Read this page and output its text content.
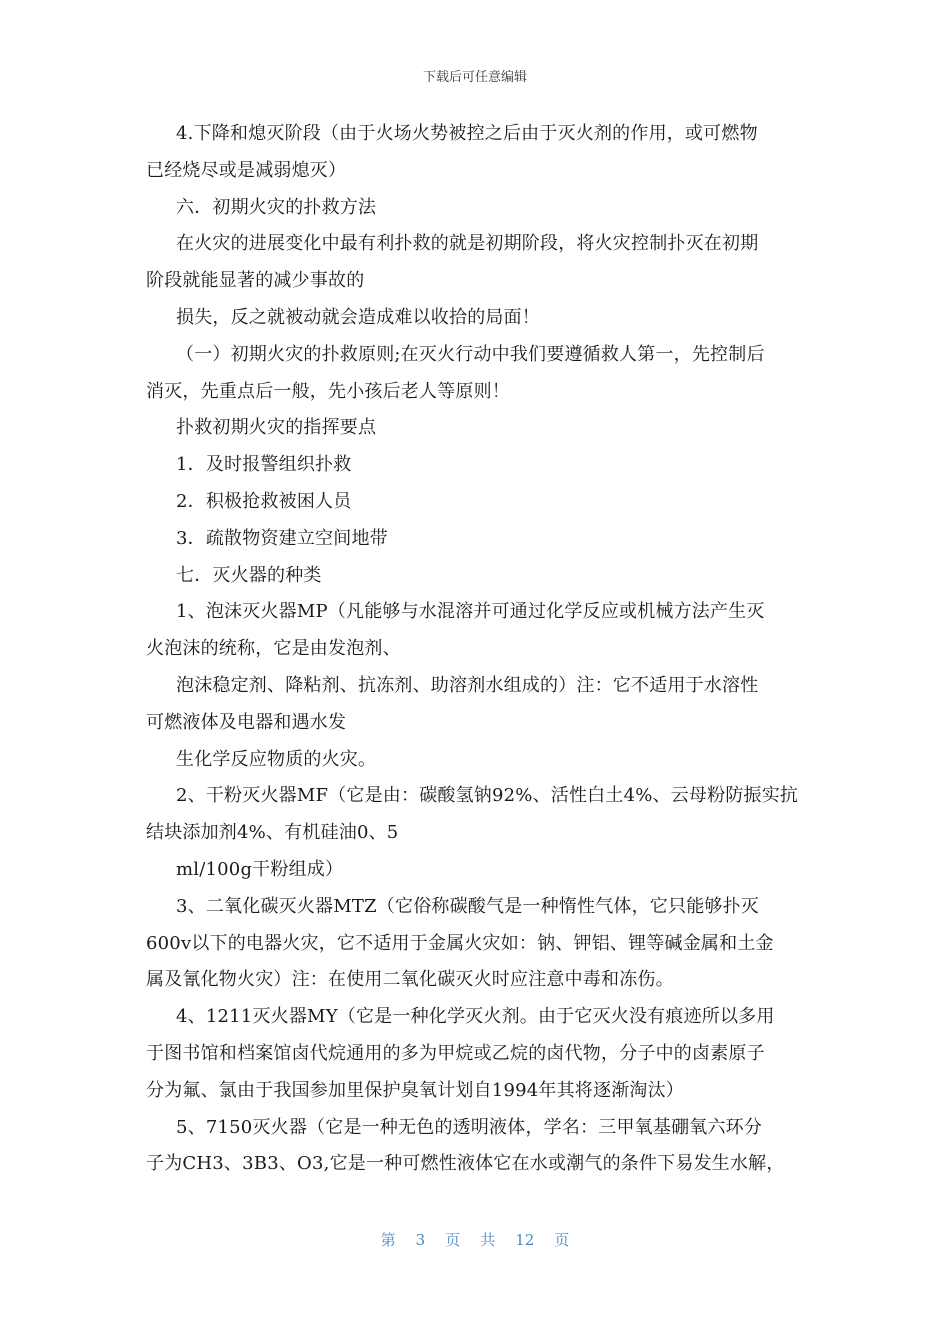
下载后可任意编辑
4.下降和熄灭阶段（由于火场火势被控之后由于灭火剂的作用，或可燃物
已经烧尽或是减弱熄灭）
六．初期火灾的扑救方法
在火灾的进展变化中最有利扑救的就是初期阶段，将火灾控制扑灭在初期
阶段就能显著的减少事故的
损失，反之就被动就会造成难以收拾的局面！
（一）初期火灾的扑救原则;在灭火行动中我们要遵循救人第一，先控制后
消灭，先重点后一般，先小孩后老人等原则！
扑救初期火灾的指挥要点
1．及时报警组织扑救
2．积极抢救被困人员
3．疏散物资建立空间地带
七．灭火器的种类
1、泡沫灭火器MP（凡能够与水混溶并可通过化学反应或机械方法产生灭
火泡沫的统称，它是由发泡剂、
泡沫稳定剂、降粘剂、抗冻剂、助溶剂水组成的）注：它不适用于水溶性
可燃液体及电器和遇水发
生化学反应物质的火灾。
2、干粉灭火器MF（它是由：碳酸氢钠92%、活性白土4%、云母粉防振实抗
结块添加剂4%、有机硅油0、5
ml/100g干粉组成）
3、二氧化碳灭火器MTZ（它俗称碳酸气是一种惰性气体，它只能够扑灭
600v以下的电器火灾，它不适用于金属火灾如：钠、钾铝、锂等碱金属和土金
属及氰化物火灾）注：在使用二氧化碳灭火时应注意中毒和冻伤。
4、1211灭火器MY（它是一种化学灭火剂。由于它灭火没有痕迹所以多用
于图书馆和档案馆卤代烷通用的多为甲烷或乙烷的卤代物，分子中的卤素原子
分为氟、氯由于我国参加里保护臭氧计划自1994年其将逐渐淘汰）
5、7150灭火器（它是一种无色的透明液体，学名：三甲氧基硼氧六环分
子为CH3、3B3、O3,它是一种可燃性液体它在水或潮气的条件下易发生水解，
第 3 页 共 12 页
